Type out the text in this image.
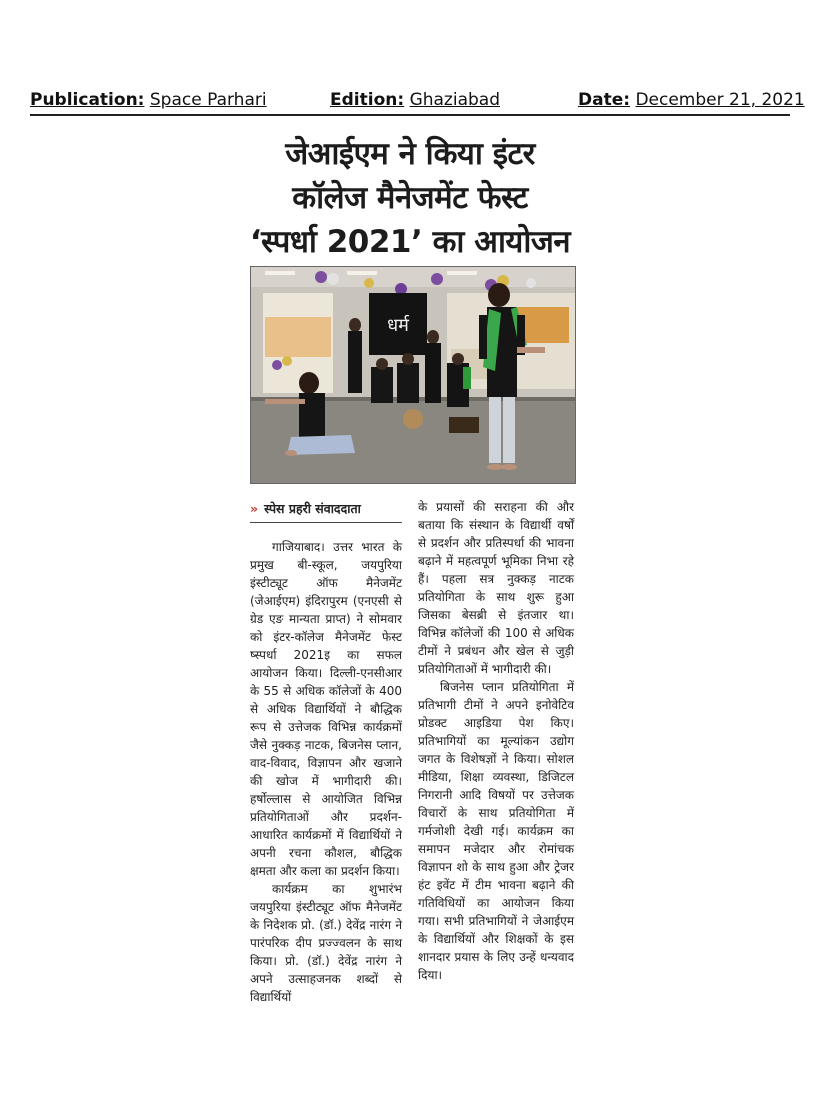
Publication: Space Parhari	Edition: Ghaziabad	Date: December 21, 2021
जेआईएम ने किया इंटर
कॉलेज मैनेजमेंट फेस्ट
‘स्पर्धा 2021’ का आयोजन
धर्म
» स्पेस प्रहरी संवाददाता

गाजियाबाद। उत्तर भारत के प्रमुख बी-स्कूल, जयपुरिया इंस्टीट्यूट ऑफ मैनेजमेंट (जेआईएम) इंदिरापुरम (एनएसी से ग्रेड एङ मान्यता प्राप्त) ने सोमवार को इंटर-कॉलेज मैनेजमेंट फेस्ट ष्स्पर्धा 2021इ का सफल आयोजन किया। दिल्ली-एनसीआर के 55 से अधिक कॉलेजों के 400 से अधिक विद्यार्थियों ने बौद्धिक रूप से उत्तेजक विभिन्न कार्यक्रमों जैसे नुक्कड़ नाटक, बिजनेस प्लान, वाद-विवाद, विज्ञापन और खजाने की खोज में भागीदारी की। हर्षोल्लास से आयोजित विभिन्न प्रतियोगिताओं और प्रदर्शन-आधारित कार्यक्रमों में विद्यार्थियों ने अपनी रचना कौशल, बौद्धिक क्षमता और कला का प्रदर्शन किया।

कार्यक्रम का शुभारंभ जयपुरिया इंस्टीट्यूट ऑफ मैनेजमेंट के निदेशक प्रो. (डॉ.) देवेंद्र नारंग ने पारंपरिक दीप प्रज्ज्वलन के साथ किया। प्रो. (डॉ.) देवेंद्र नारंग ने अपने उत्साहजनक शब्दों से विद्यार्थियों

के प्रयासों की सराहना की और बताया कि संस्थान के विद्यार्थी वर्षों से प्रदर्शन और प्रतिस्पर्धा की भावना बढ़ाने में महत्वपूर्ण भूमिका निभा रहे हैं। पहला सत्र नुक्कड़ नाटक प्रतियोगिता के साथ शुरू हुआ जिसका बेसब्री से इंतजार था। विभिन्न कॉलेजों की 100 से अधिक टीमों ने प्रबंधन और खेल से जुड़ी प्रतियोगिताओं में भागीदारी की।

बिजनेस प्लान प्रतियोगिता में प्रतिभागी टीमों ने अपने इनोवेटिव प्रोडक्ट आइडिया पेश किए। प्रतिभागियों का मूल्यांकन उद्योग जगत के विशेषज्ञों ने किया। सोशल मीडिया, शिक्षा व्यवस्था, डिजिटल निगरानी आदि विषयों पर उत्तेजक विचारों के साथ प्रतियोगिता में गर्मजोशी देखी गई। कार्यक्रम का समापन मजेदार और रोमांचक विज्ञापन शो के साथ हुआ और ट्रेजर हंट इवेंट में टीम भावना बढ़ाने की गतिविधियों का आयोजन किया गया। सभी प्रतिभागियों ने जेआईएम के विद्यार्थियों और शिक्षकों के इस शानदार प्रयास के लिए उन्हें धन्यवाद दिया।
